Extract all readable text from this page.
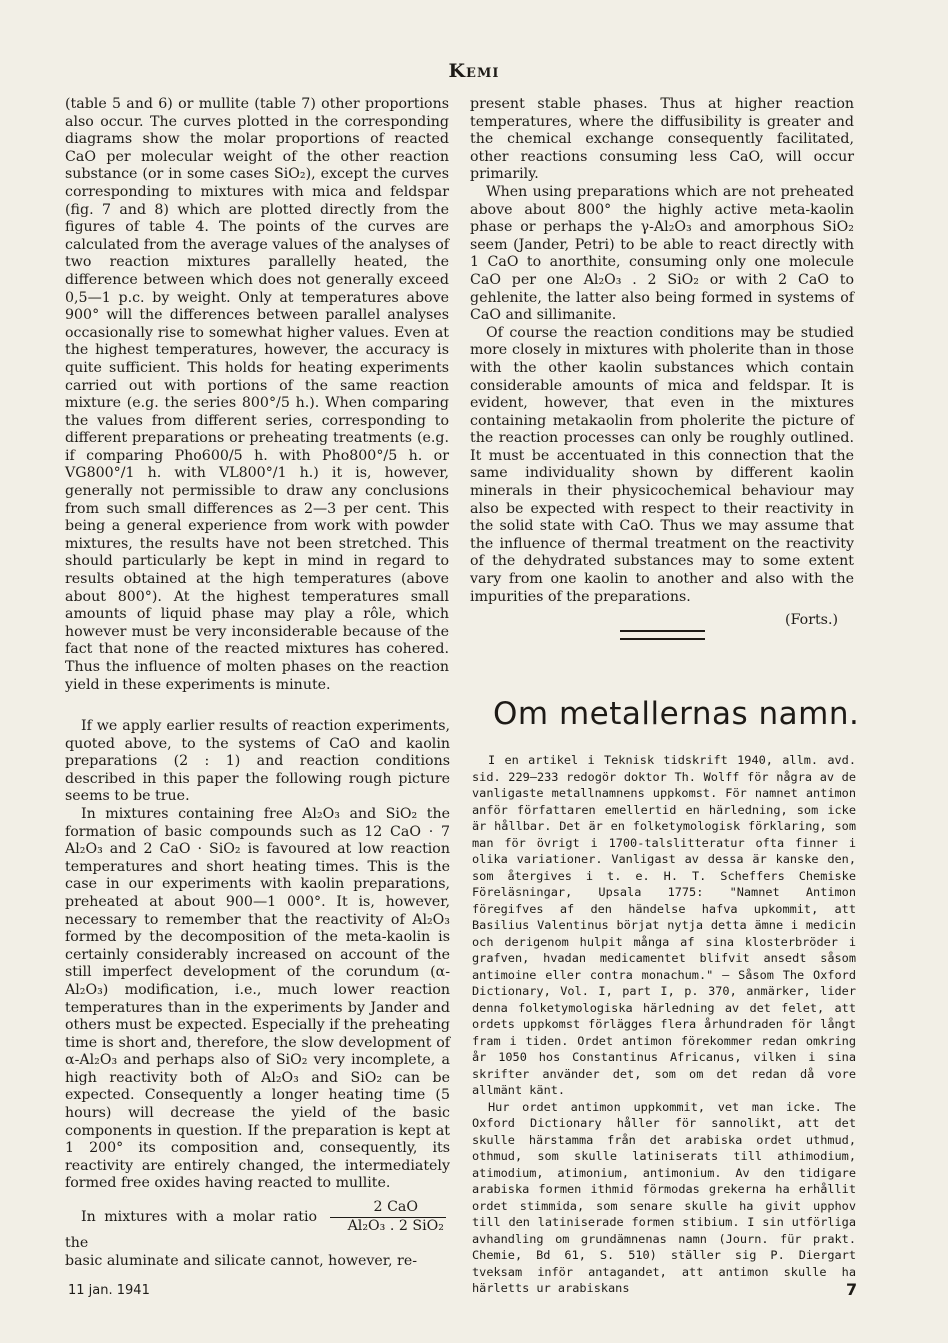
Kemi

(table 5 and 6) or mullite (table 7) other proportions also occur. The curves plotted in the corresponding diagrams show the molar proportions of reacted CaO per molecular weight of the other reaction substance (or in some cases SiO₂), except the curves corresponding to mixtures with mica and feldspar (fig. 7 and 8) which are plotted directly from the figures of table 4. The points of the curves are calculated from the average values of the analyses of two reaction mixtures parallelly heated, the difference between which does not generally exceed 0,5—1 p.c. by weight. Only at temperatures above 900° will the differences between parallel analyses occasionally rise to somewhat higher values. Even at the highest temperatures, however, the accuracy is quite sufficient. This holds for heating experiments carried out with portions of the same reaction mixture (e.g. the series 800°/5 h.). When comparing the values from different series, corresponding to different preparations or preheating treatments (e.g. if comparing Pho600/5 h. with Pho800°/5 h. or VG800°/1 h. with VL800°/1 h.) it is, however, generally not permissible to draw any conclusions from such small differences as 2—3 per cent. This being a general experience from work with powder mixtures, the results have not been stretched. This should particularly be kept in mind in regard to results obtained at the high temperatures (above about 800°). At the highest temperatures small amounts of liquid phase may play a rôle, which however must be very inconsiderable because of the fact that none of the reacted mixtures has cohered. Thus the influence of molten phases on the reaction yield in these experiments is minute.

present stable phases. Thus at higher reaction temperatures, where the diffusibility is greater and the chemical exchange consequently facilitated, other reactions consuming less CaO, will occur primarily.

When using preparations which are not preheated above about 800° the highly active meta-kaolin phase or perhaps the γ-Al₂O₃ and amorphous SiO₂ seem (Jander, Petri) to be able to react directly with 1 CaO to anorthite, consuming only one molecule CaO per one Al₂O₃ . 2 SiO₂ or with 2 CaO to gehlenite, the latter also being formed in systems of CaO and sillimanite.

Of course the reaction conditions may be studied more closely in mixtures with pholerite than in those with the other kaolin substances which contain considerable amounts of mica and feldspar. It is evident, however, that even in the mixtures containing metakaolin from pholerite the picture of the reaction processes can only be roughly outlined. It must be accentuated in this connection that the same individuality shown by different kaolin minerals in their physicochemical behaviour may also be expected with respect to their reactivity in the solid state with CaO. Thus we may assume that the influence of thermal treatment on the reactivity of the dehydrated substances may to some extent vary from one kaolin to another and also with the impurities of the preparations.

(Forts.)

If we apply earlier results of reaction experiments, quoted above, to the systems of CaO and kaolin preparations (2 : 1) and reaction conditions described in this paper the following rough picture seems to be true.

In mixtures containing free Al₂O₃ and SiO₂ the formation of basic compounds such as 12 CaO · 7 Al₂O₃ and 2 CaO · SiO₂ is favoured at low reaction temperatures and short heating times. This is the case in our experiments with kaolin preparations, preheated at about 900—1 000°. It is, however, necessary to remember that the reactivity of Al₂O₃ formed by the decomposition of the meta-kaolin is certainly considerably increased on account of the still imperfect development of the corundum (α-Al₂O₃) modification, i.e., much lower reaction temperatures than in the experiments by Jander and others must be expected. Especially if the preheating time is short and, therefore, the slow development of α-Al₂O₃ and perhaps also of SiO₂ very incomplete, a high reactivity both of Al₂O₃ and SiO₂ can be expected. Consequently a longer heating time (5 hours) will decrease the yield of the basic components in question. If the preparation is kept at 1 200° its composition and, consequently, its reactivity are entirely changed, the intermediately formed free oxides having reacted to mullite.

In mixtures with a molar ratio $\frac{\text{2 CaO}}{\text{Al₂O₃ . 2 SiO₂}}$
the

basic aluminate and silicate cannot, however, re-

Om metallernas namn.

I en artikel i Teknisk tidskrift 1940, allm. avd. sid. 229—233 redogör doktor Th. Wolff för några av de vanligaste metallnamnens uppkomst. För namnet antimon anför författaren emellertid en härledning, som icke är hållbar. Det är en folketymologisk förklaring, som man för övrigt i 1700-talslitteratur ofta finner i olika variationer. Vanligast av dessa är kanske den, som återgives i t. e. H. T. Scheffers Chemiske Föreläsningar, Upsala 1775: "Namnet Antimon föregifves af den händelse hafva upkommit, att Basilius Valentinus börjat nytja detta ämne i medicin och derigenom hulpit många af sina klosterbröder i grafven, hvadan medicamentet blifvit ansedt såsom antimoine eller contra monachum." — Såsom The Oxford Dictionary, Vol. I, part I, p. 370, anmärker, lider denna folketymologiska härledning av det felet, att ordets uppkomst förlägges flera århundraden för långt fram i tiden. Ordet antimon förekommer redan omkring år 1050 hos Constantinus Africanus, vilken i sina skrifter använder det, som om det redan då vore allmänt känt.

Hur ordet antimon uppkommit, vet man icke. The Oxford Dictionary håller för sannolikt, att det skulle härstamma från det arabiska ordet uthmud, othmud, som skulle latiniserats till athimodium, atimodium, atimonium, antimonium. Av den tidigare arabiska formen ithmid förmodas grekerna ha erhållit ordet stimmida, som senare skulle ha givit upphov till den latiniserade formen stibium. I sin utförliga avhandling om grundämnenas namn (Journ. für prakt. Chemie, Bd 61, S. 510) ställer sig P. Diergart tveksam inför antagandet, att antimon skulle ha härletts ur arabiskans

11 jan. 1941	7
